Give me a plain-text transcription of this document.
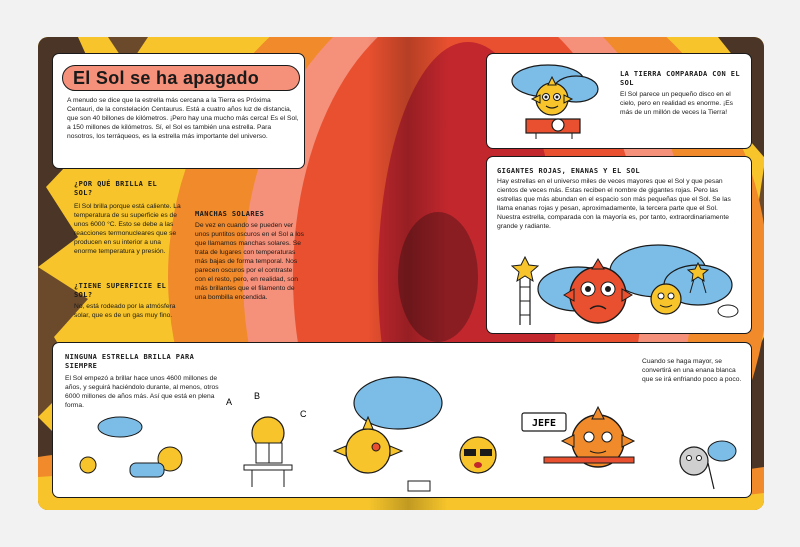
El Sol se ha apagado
A menudo se dice que la estrella más cercana a la Tierra es Próxima Centauri, de la constelación Centaurus. Está a cuatro años luz de distancia, que son 40 billones de kilómetros. ¡Pero hay una mucho más cerca! Es el Sol, a 150 millones de kilómetros. Sí, el Sol es también una estrella. Para nosotros, los terráqueos, es la estrella más importante del universo.
¿POR QUÉ BRILLA EL SOL?
El Sol brilla porque está caliente. La temperatura de su superficie es de unos 6000 °C. Esto se debe a las reacciones termonucleares que se producen en su interior a una enorme temperatura y presión.
¿TIENE SUPERFICIE EL SOL?
No, está rodeado por la atmósfera solar, que es de un gas muy fino.
MANCHAS SOLARES
De vez en cuando se pueden ver unos puntitos oscuros en el Sol a los que llamamos manchas solares. Se trata de lugares con temperaturas más bajas de forma temporal. Nos parecen oscuros por el contraste con el resto, pero, en realidad, son más brillantes que el filamento de una bombilla encendida.
LA TIERRA COMPARADA CON EL SOL
El Sol parece un pequeño disco en el cielo, pero en realidad es enorme. ¡Es más de un millón de veces la Tierra!
GIGANTES ROJAS, ENANAS Y EL SOL
Hay estrellas en el universo miles de veces mayores que el Sol y que pesan cientos de veces más. Estas reciben el nombre de gigantes rojas. Pero las estrellas que más abundan en el espacio son más pequeñas que el Sol. Se las llama enanas rojas y pesan, aproximadamente, la tercera parte que el Sol. Nuestra estrella, comparada con la mayoría es, por tanto, extraordinariamente grande y radiante.
NINGUNA ESTRELLA BRILLA PARA SIEMPRE
El Sol empezó a brillar hace unos 4600 millones de años, y seguirá haciéndolo durante, al menos, otros 6000 millones de años más. Así que está en plena forma.
Cuando se haga mayor, se convertirá en una enana blanca que se irá enfriando poco a poco.
A
B
C
JEFE
